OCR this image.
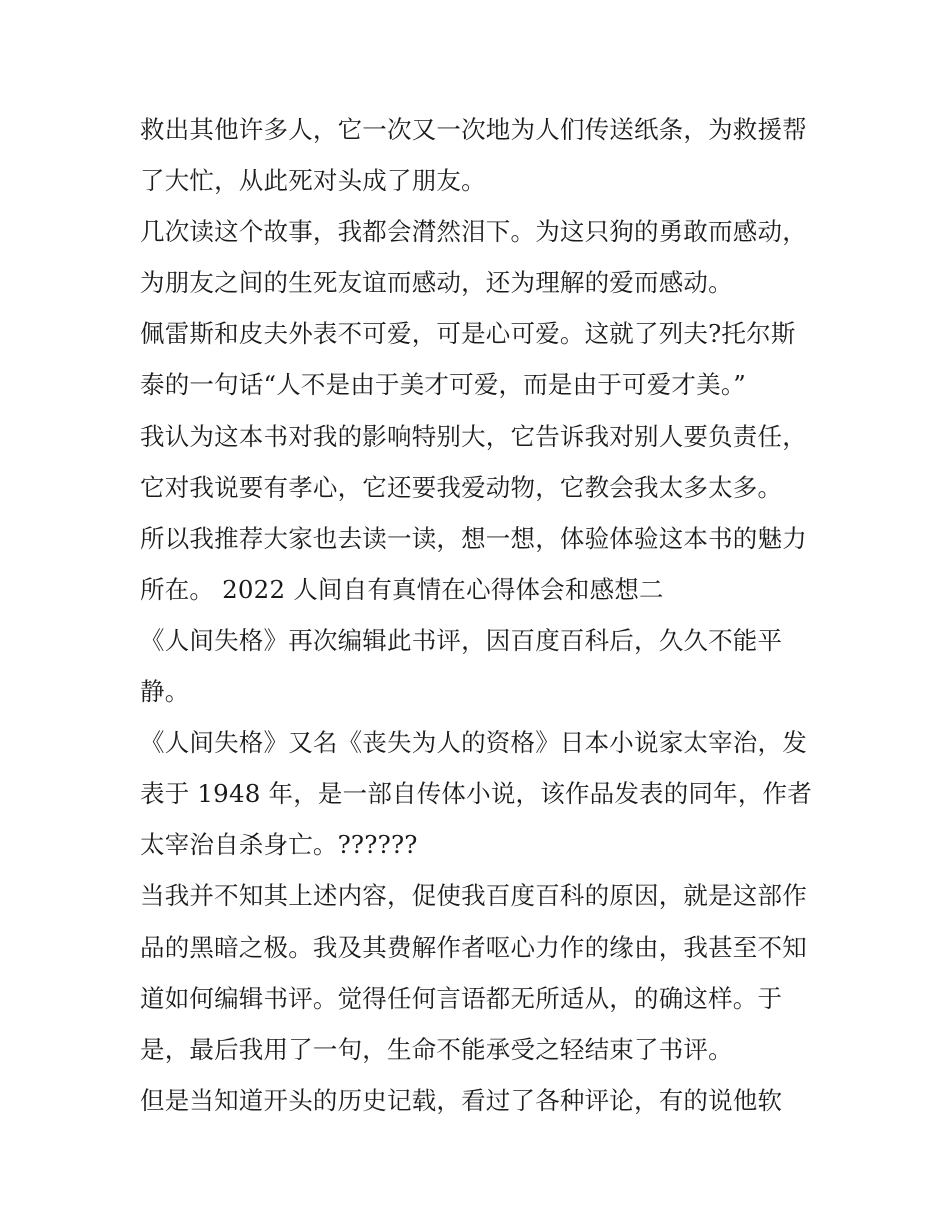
救出其他许多人，它一次又一次地为人们传送纸条，为救援帮
了大忙，从此死对头成了朋友。
几次读这个故事，我都会潸然泪下。为这只狗的勇敢而感动，
为朋友之间的生死友谊而感动，还为理解的爱而感动。
佩雷斯和皮夫外表不可爱，可是心可爱。这就了列夫?托尔斯
泰的一句话“人不是由于美才可爱，而是由于可爱才美。”
我认为这本书对我的影响特别大，它告诉我对别人要负责任，
它对我说要有孝心，它还要我爱动物，它教会我太多太多。
所以我推荐大家也去读一读，想一想，体验体验这本书的魅力
所在。 2022 人间自有真情在心得体会和感想二
《人间失格》再次编辑此书评，因百度百科后，久久不能平
静。
《人间失格》又名《丧失为人的资格》日本小说家太宰治，发
表于 1948 年，是一部自传体小说，该作品发表的同年，作者
太宰治自杀身亡。??????
当我并不知其上述内容，促使我百度百科的原因，就是这部作
品的黑暗之极。我及其费解作者呕心力作的缘由，我甚至不知
道如何编辑书评。觉得任何言语都无所适从，的确这样。于
是，最后我用了一句，生命不能承受之轻结束了书评。
但是当知道开头的历史记载，看过了各种评论，有的说他软
